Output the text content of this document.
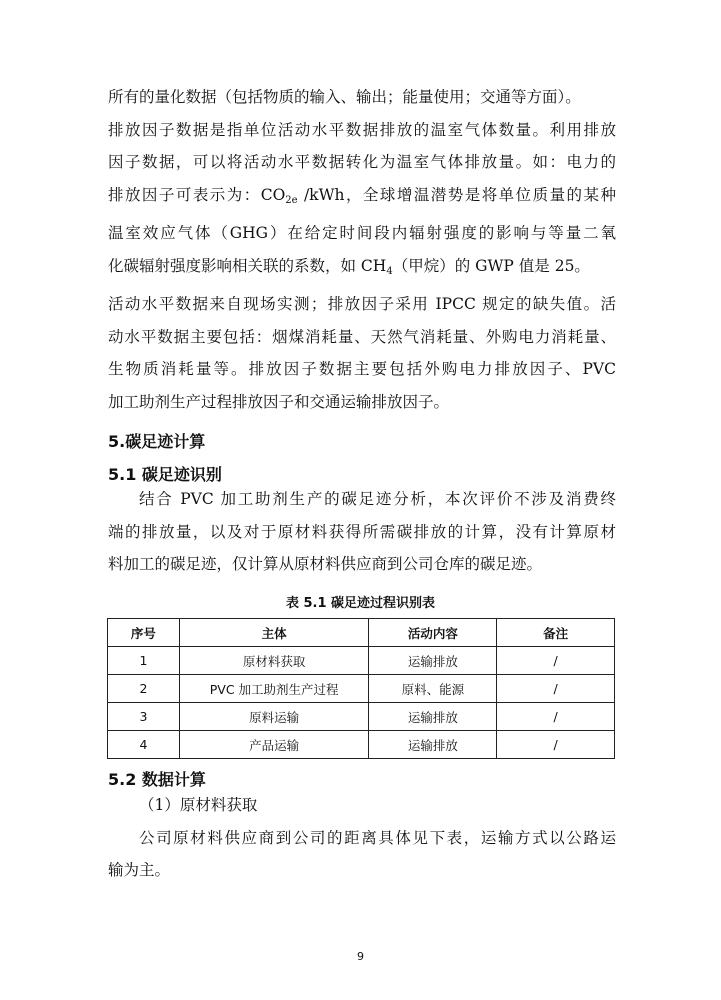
所有的量化数据（包括物质的输入、输出；能量使用；交通等方面）。
排放因子数据是指单位活动水平数据排放的温室气体数量。利用排放
因子数据，可以将活动水平数据转化为温室气体排放量。如：电力的
排放因子可表示为：$CO_{2e}$ /kWh，全球增温潜势是将单位质量的某种
温室效应气体（GHG）在给定时间段内辐射强度的影响与等量二氧
化碳辐射强度影响相关联的系数，如 $CH_4$（甲烷）的 GWP 值是 25。
活动水平数据来自现场实测；排放因子采用 IPCC 规定的缺失值。活
动水平数据主要包括：烟煤消耗量、天然气消耗量、外购电力消耗量、
生物质消耗量等。排放因子数据主要包括外购电力排放因子、PVC
加工助剂生产过程排放因子和交通运输排放因子。
5.碳足迹计算
5.1 碳足迹识别
结合 PVC 加工助剂生产的碳足迹分析，本次评价不涉及消费终
端的排放量，以及对于原材料获得所需碳排放的计算，没有计算原材
料加工的碳足迹，仅计算从原材料供应商到公司仓库的碳足迹。
表 5.1 碳足迹过程识别表
序号	主体	活动内容	备注
1	原材料获取	运输排放	/
2	PVC 加工助剂生产过程	原料、能源	/
3	原料运输	运输排放	/
4	产品运输	运输排放	/
5.2 数据计算
（1）原材料获取
公司原材料供应商到公司的距离具体见下表，运输方式以公路运
输为主。
9
